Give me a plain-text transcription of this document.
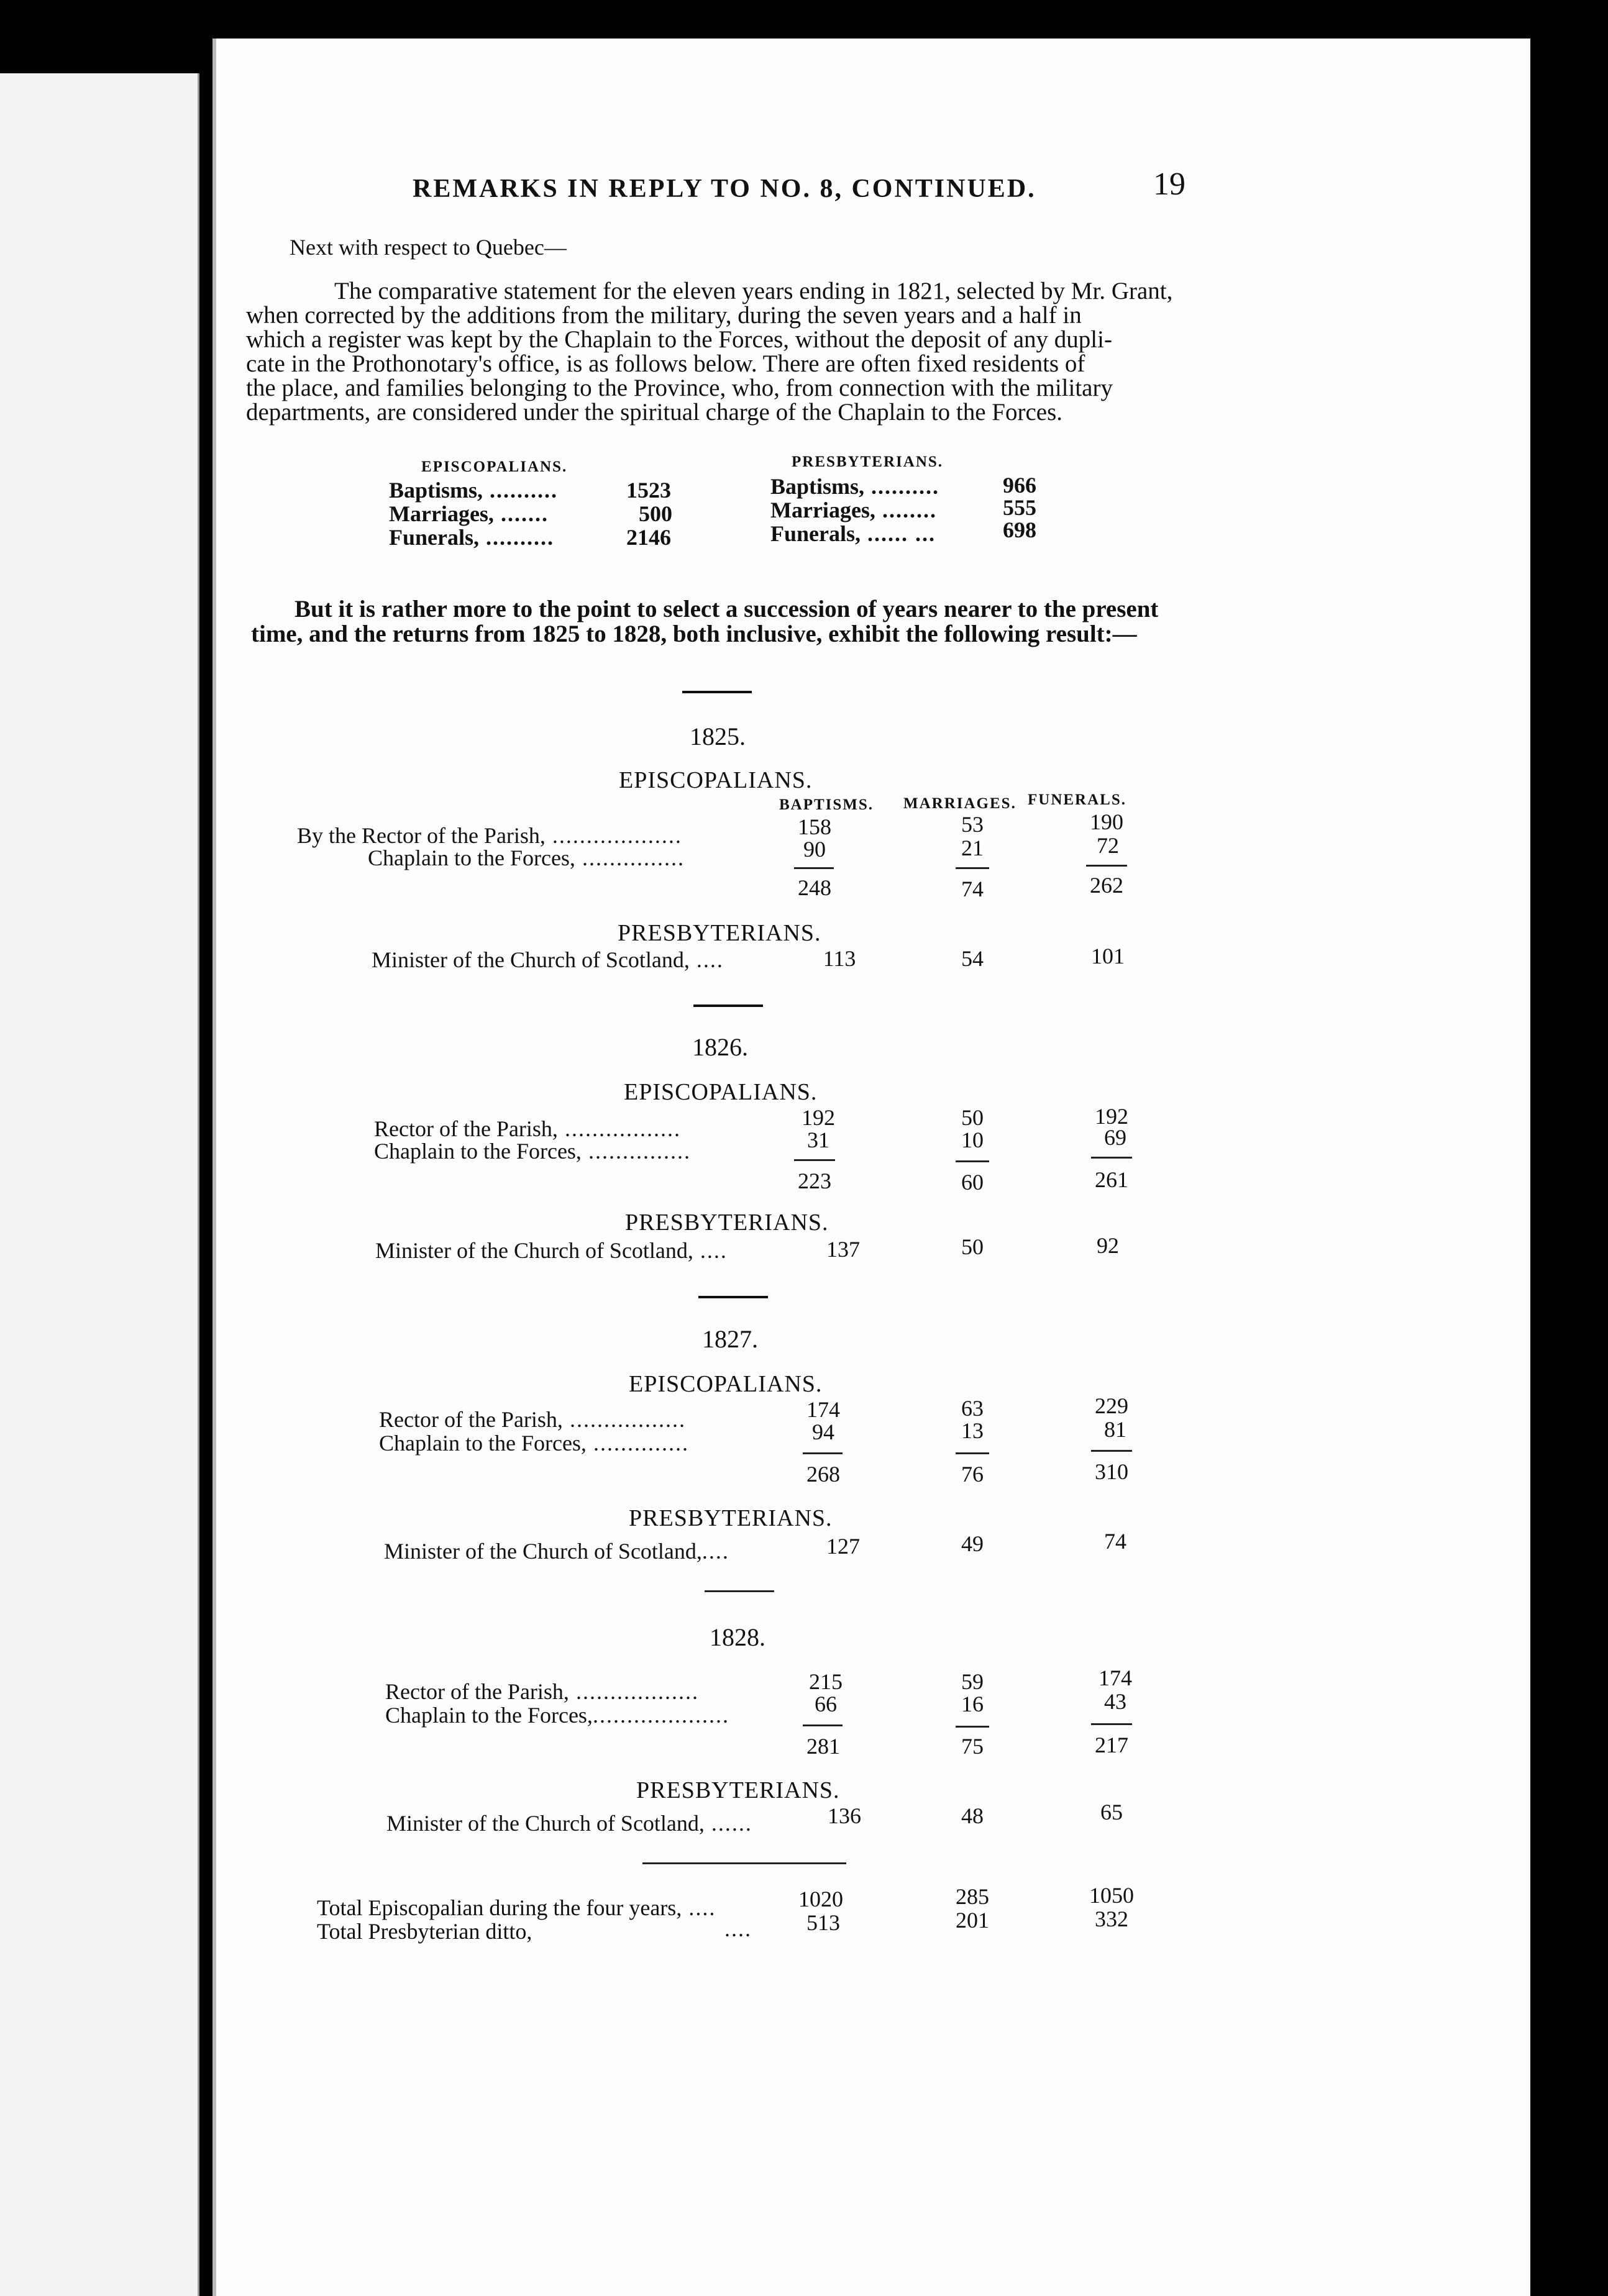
REMARKS IN REPLY TO NO. 8, CONTINUED.	19
Next with respect to Quebec—
The comparative statement for the eleven years ending in 1821, selected by Mr. Grant,
when corrected by the additions from the military, during the seven years and a half in
which a register was kept by the Chaplain to the Forces, without the deposit of any dupli-
cate in the Prothonotary's office, is as follows below. There are often fixed residents of
the place, and families belonging to the Province, who, from connection with the military
departments, are considered under the spiritual charge of the Chaplain to the Forces.
EPISCOPALIANS.	PRESBYTERIANS.
Baptisms, ..........	1523	Baptisms, ..........	966
Marriages, .......	500	Marriages, ........	555
Funerals, ..........	2146	Funerals, ...... ...	698
But it is rather more to the point to select a succession of years nearer to the present
time, and the returns from 1825 to 1828, both inclusive, exhibit the following result:—
1825.
EPISCOPALIANS.
BAPTISMS. MARRIAGES. FUNERALS.
By the Rector of the Parish, ...................	158	53	190
Chaplain to the Forces, ...............	90	21	72
248	74	262
PRESBYTERIANS.
Minister of the Church of Scotland, ....	113	54	101
1826.
EPISCOPALIANS.
Rector of the Parish, .................	192	50	192
Chaplain to the Forces, ...............	31	10	69
223	60	261
PRESBYTERIANS.
Minister of the Church of Scotland, ....	137	50	92
1827.
EPISCOPALIANS.
Rector of the Parish, .................	174	63	229
Chaplain to the Forces, ..............	94	13	81
268	76	310
PRESBYTERIANS.
Minister of the Church of Scotland,....	127	49	74
1828.
Rector of the Parish, ..................	215	59	174
Chaplain to the Forces,....................	66	16	43
281	75	217
PRESBYTERIANS.
Minister of the Church of Scotland, ......	136	48	65
Total Episcopalian during the four years, ....	1020	285	1050
Total Presbyterian ditto,	....	513	201	332
